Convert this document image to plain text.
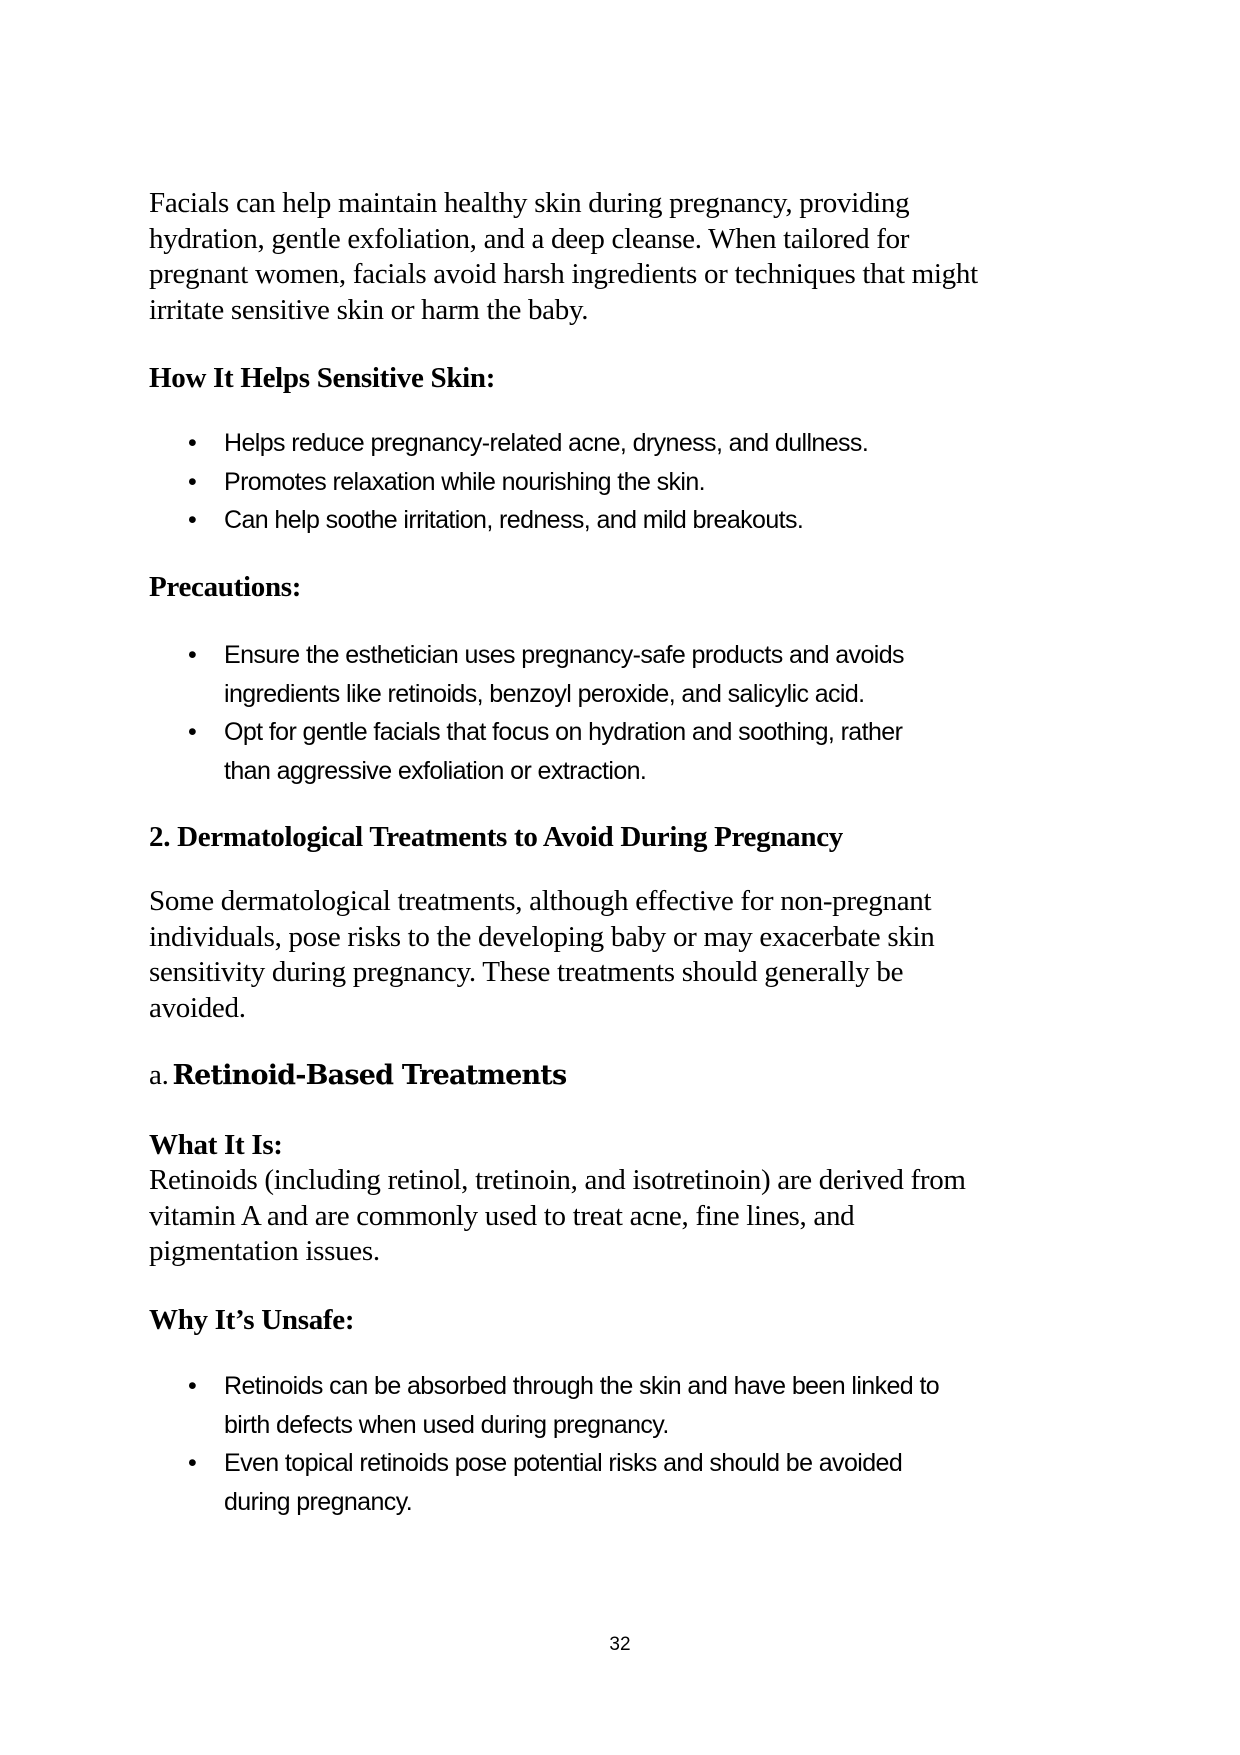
Facials can help maintain healthy skin during pregnancy, providing
hydration, gentle exfoliation, and a deep cleanse. When tailored for
pregnant women, facials avoid harsh ingredients or techniques that might
irritate sensitive skin or harm the baby.
How It Helps Sensitive Skin:
• Helps reduce pregnancy-related acne, dryness, and dullness.
• Promotes relaxation while nourishing the skin.
• Can help soothe irritation, redness, and mild breakouts.
Precautions:
• Ensure the esthetician uses pregnancy-safe products and avoids
ingredients like retinoids, benzoyl peroxide, and salicylic acid.
• Opt for gentle facials that focus on hydration and soothing, rather
than aggressive exfoliation or extraction.
2. Dermatological Treatments to Avoid During Pregnancy
Some dermatological treatments, although effective for non-pregnant
individuals, pose risks to the developing baby or may exacerbate skin
sensitivity during pregnancy. These treatments should generally be
avoided.
a. Retinoid-Based Treatments
What It Is:
Retinoids (including retinol, tretinoin, and isotretinoin) are derived from
vitamin A and are commonly used to treat acne, fine lines, and
pigmentation issues.
Why It’s Unsafe:
• Retinoids can be absorbed through the skin and have been linked to
birth defects when used during pregnancy.
• Even topical retinoids pose potential risks and should be avoided
during pregnancy.
32
